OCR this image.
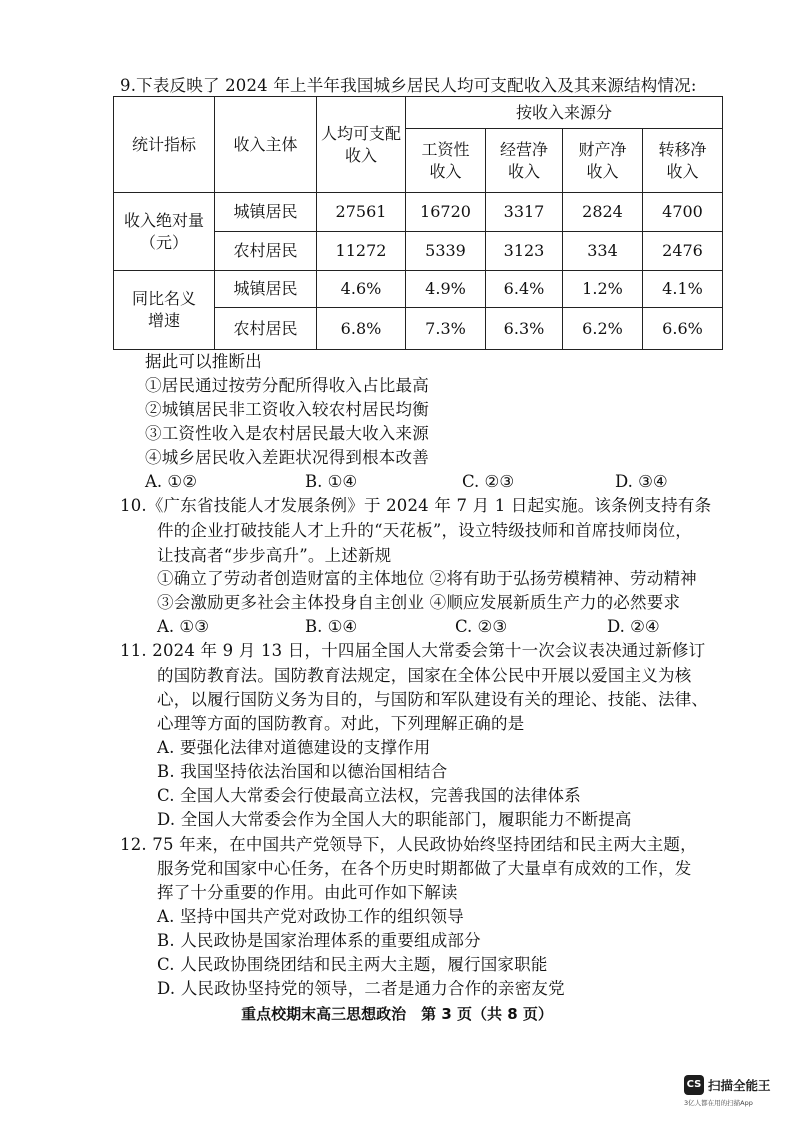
9.下表反映了 2024 年上半年我国城乡居民人均可支配收入及其来源结构情况:
统计指标	收入主体	人均可支配收入	按收入来源分			

			工资性收入	经营净收入	财产净收入	转移净收入

收入绝对量（元）	城镇居民	27561	16720	3317	2824	4700
	农村居民	11272	5339	3123	334	2476

同比名义增速	城镇居民	4.6%	4.9%	6.4%	1.2%	4.1%
	农村居民	6.8%	7.3%	6.3%	6.2%	6.6%
据此可以推断出
①居民通过按劳分配所得收入占比最高
②城镇居民非工资收入较农村居民均衡
③工资性收入是农村居民最大收入来源
④城乡居民收入差距状况得到根本改善
A. ①②	B. ①④	C. ②③	D. ③④
10.《广东省技能人才发展条例》于 2024 年 7 月 1 日起实施。该条例支持有条
件的企业打破技能人才上升的“天花板”，设立特级技师和首席技师岗位，
让技高者“步步高升”。上述新规
①确立了劳动者创造财富的主体地位 ②将有助于弘扬劳模精神、劳动精神
③会激励更多社会主体投身自主创业 ④顺应发展新质生产力的必然要求
A. ①③	B. ①④	C. ②③	D. ②④
11. 2024 年 9 月 13 日，十四届全国人大常委会第十一次会议表决通过新修订
的国防教育法。国防教育法规定，国家在全体公民中开展以爱国主义为核
心，以履行国防义务为目的，与国防和军队建设有关的理论、技能、法律、
心理等方面的国防教育。对此，下列理解正确的是
A. 要强化法律对道德建设的支撑作用
B. 我国坚持依法治国和以德治国相结合
C. 全国人大常委会行使最高立法权，完善我国的法律体系
D. 全国人大常委会作为全国人大的职能部门，履职能力不断提高
12. 75 年来，在中国共产党领导下，人民政协始终坚持团结和民主两大主题，
服务党和国家中心任务，在各个历史时期都做了大量卓有成效的工作，发
挥了十分重要的作用。由此可作如下解读
A. 坚持中国共产党对政协工作的组织领导
B. 人民政协是国家治理体系的重要组成部分
C. 人民政协围绕团结和民主两大主题，履行国家职能
D. 人民政协坚持党的领导，二者是通力合作的亲密友党
重点校期末高三思想政治　第 3 页（共 8 页）
CS 扫描全能王
3亿人都在用的扫描App
